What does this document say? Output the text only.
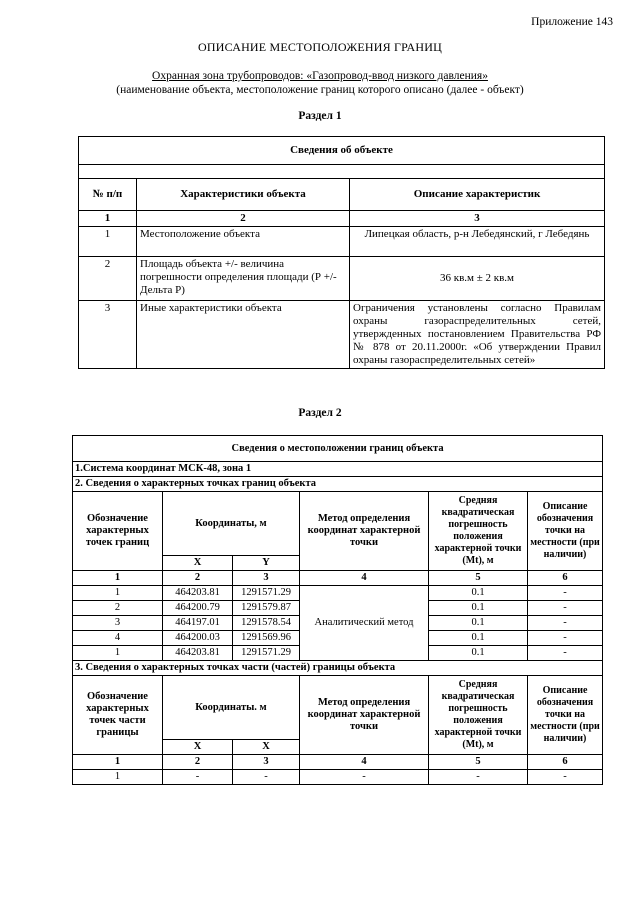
Приложение 143
ОПИСАНИЕ МЕСТОПОЛОЖЕНИЯ ГРАНИЦ
Охранная зона трубопроводов: «Газопровод-ввод низкого давления»
(наименование объекта, местоположение границ которого описано (далее - объект)
Раздел 1
Сведения об объекте		

№ п/п	Характеристики объекта	Описание характеристик
1	2	3
1	Местоположение объекта	Липецкая область, р-н Лебедянский, г Лебедянь
2	Площадь объекта +/- величина погрешности определения площади (Р +/- Дельта Р)	36 кв.м ± 2 кв.м
3	Иные характеристики объекта	Ограничения установлены согласно Правилам охраны газораспределительных сетей, утвержденных постановлением Правительства РФ № 878 от 20.11.2000г. «Об утверждении Правил охраны газораспределительных сетей»
Раздел 2
Сведения о местоположении границ объекта					
1.Система координат МСК-48, зона 1					
2. Сведения о характерных точках границ объекта					
Обозначение характерных точек границ	Координаты, м		Метод определения координат характерной точки	Средняя квадратическая погрешность положения характерной точки (Mt), м	Описание обозначения точки на местности (при наличии)
	X	Y			
1	2	3	4	5	6
1	464203.81	1291571.29	Аналитический метод	0.1	-
2	464200.79	1291579.87		0.1	-
3	464197.01	1291578.54		0.1	-
4	464200.03	1291569.96		0.1	-
1	464203.81	1291571.29		0.1	-
3. Сведения о характерных точках части (частей) границы объекта					
Обозначение характерных точек части границы	Координаты. м		Метод определения координат характерной точки	Средняя квадратическая погрешность положения характерной точки (Mt), м	Описание обозначения точки на местности (при наличии)
	X	X			
1	2	3	4	5	6
1	-	-	-	-	-
